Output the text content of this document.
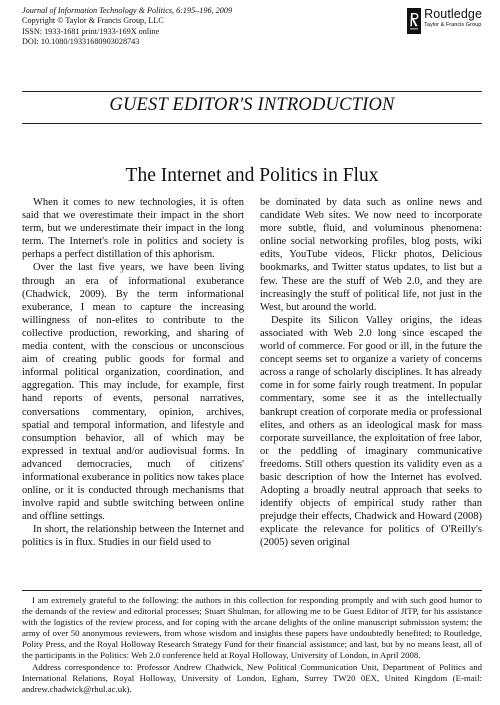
Journal of Information Technology & Politics, 6:195–196, 2009
Copyright © Taylor & Francis Group, LLC
ISSN: 1933-1681 print/1933-169X online
DOI: 10.1080/19331680903028743
Routledge
Taylor & Francis Group
GUEST EDITOR'S INTRODUCTION
The Internet and Politics in Flux

When it comes to new technologies, it is often said that we overestimate their impact in the short term, but we underestimate their impact in the long term. The Internet's role in politics and society is perhaps a perfect distillation of this aphorism.

Over the last five years, we have been living through an era of informational exuberance (Chadwick, 2009). By the term informational exuberance, I mean to capture the increasing willingness of non-elites to contribute to the collective production, reworking, and sharing of media content, with the conscious or unconscious aim of creating public goods for formal and informal political organization, coordination, and aggregation. This may include, for example, first hand reports of events, personal narratives, conversations commentary, opinion, archives, spatial and temporal information, and lifestyle and consumption behavior, all of which may be expressed in textual and/or audiovisual forms. In advanced democracies, much of citizens' informational exuberance in politics now takes place online, or it is conducted through mechanisms that involve rapid and subtle switching between online and offline settings.

In short, the relationship between the Internet and politics is in flux. Studies in our field used to

be dominated by data such as online news and candidate Web sites. We now need to incorporate more subtle, fluid, and voluminous phenomena: online social networking profiles, blog posts, wiki edits, YouTube videos, Flickr photos, Delicious bookmarks, and Twitter status updates, to list but a few. These are the stuff of Web 2.0, and they are increasingly the stuff of political life, not just in the West, but around the world.

Despite its Silicon Valley origins, the ideas associated with Web 2.0 long since escaped the world of commerce. For good or ill, in the future the concept seems set to organize a variety of concerns across a range of scholarly disciplines. It has already come in for some fairly rough treatment. In popular commentary, some see it as the intellectually bankrupt creation of corporate media or professional elites, and others as an ideological mask for mass corporate surveillance, the exploitation of free labor, or the peddling of imaginary communicative freedoms. Still others question its validity even as a basic description of how the Internet has evolved. Adopting a broadly neutral approach that seeks to identify objects of empirical study rather than prejudge their effects, Chadwick and Howard (2008) explicate the relevance for politics of O'Reilly's (2005) seven original

I am extremely grateful to the following: the authors in this collection for responding promptly and with such good humor to the demands of the review and editorial processes; Stuart Shulman, for allowing me to be Guest Editor of JITP, for his assistance with the logistics of the review process, and for coping with the arcane delights of the online manuscript submission system; the army of over 50 anonymous reviewers, from whose wisdom and insights these papers have undoubtedly benefited; to Routledge, Polity Press, and the Royal Holloway Research Strategy Fund for their financial assistance; and last, but by no means least, all of the participants in the Politics: Web 2.0 conference held at Royal Holloway, University of London, in April 2008.

Address correspondence to: Professor Andrew Chadwick, New Political Communication Unit, Department of Politics and International Relations, Royal Holloway, University of London, Egham, Surrey TW20 0EX, United Kingdom (E-mail: andrew.chadwick@rhul.ac.uk).
